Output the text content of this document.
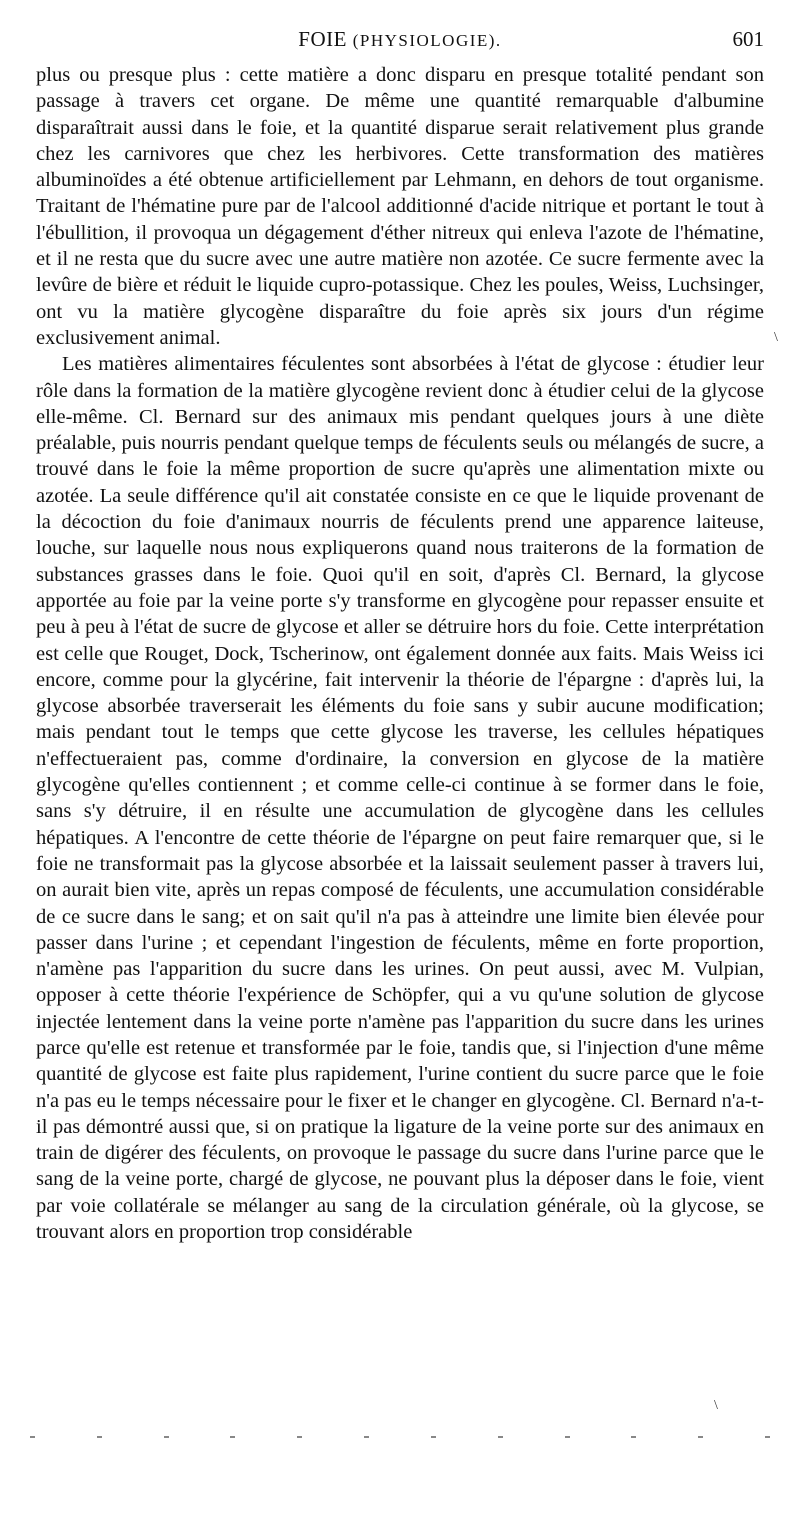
FOIE (PHYSIOLOGIE).	601

plus ou presque plus : cette matière a donc disparu en presque totalité pendant son passage à travers cet organe. De même une quantité remarquable d'albumine disparaîtrait aussi dans le foie, et la quantité disparue serait relativement plus grande chez les carnivores que chez les herbivores. Cette transformation des matières albuminoïdes a été obtenue artificiellement par Lehmann, en dehors de tout organisme. Traitant de l'hématine pure par de l'alcool additionné d'acide nitrique et portant le tout à l'ébullition, il provoqua un dégagement d'éther nitreux qui enleva l'azote de l'hématine, et il ne resta que du sucre avec une autre matière non azotée. Ce sucre fermente avec la levûre de bière et réduit le liquide cupro-potassique. Chez les poules, Weiss, Luchsinger, ont vu la matière glycogène disparaître du foie après six jours d'un régime exclusivement animal.

Les matières alimentaires féculentes sont absorbées à l'état de glycose : étudier leur rôle dans la formation de la matière glycogène revient donc à étudier celui de la glycose elle-même. Cl. Bernard sur des animaux mis pendant quelques jours à une diète préalable, puis nourris pendant quelque temps de féculents seuls ou mélangés de sucre, a trouvé dans le foie la même proportion de sucre qu'après une alimentation mixte ou azotée. La seule différence qu'il ait constatée consiste en ce que le liquide provenant de la décoction du foie d'animaux nourris de féculents prend une apparence laiteuse, louche, sur laquelle nous nous expliquerons quand nous traiterons de la formation de substances grasses dans le foie. Quoi qu'il en soit, d'après Cl. Bernard, la glycose apportée au foie par la veine porte s'y transforme en glycogène pour repasser ensuite et peu à peu à l'état de sucre de glycose et aller se détruire hors du foie. Cette interprétation est celle que Rouget, Dock, Tscherinow, ont également donnée aux faits. Mais Weiss ici encore, comme pour la glycérine, fait intervenir la théorie de l'épargne : d'après lui, la glycose absorbée traverserait les éléments du foie sans y subir aucune modification; mais pendant tout le temps que cette glycose les traverse, les cellules hépatiques n'effectueraient pas, comme d'ordinaire, la conversion en glycose de la matière glycogène qu'elles contiennent ; et comme celle-ci continue à se former dans le foie, sans s'y détruire, il en résulte une accumulation de glycogène dans les cellules hépatiques. A l'encontre de cette théorie de l'épargne on peut faire remarquer que, si le foie ne transformait pas la glycose absorbée et la laissait seulement passer à travers lui, on aurait bien vite, après un repas composé de féculents, une accumulation considérable de ce sucre dans le sang; et on sait qu'il n'a pas à atteindre une limite bien élevée pour passer dans l'urine ; et cependant l'ingestion de féculents, même en forte proportion, n'amène pas l'apparition du sucre dans les urines. On peut aussi, avec M. Vulpian, opposer à cette théorie l'expérience de Schöpfer, qui a vu qu'une solution de glycose injectée lentement dans la veine porte n'amène pas l'apparition du sucre dans les urines parce qu'elle est retenue et transformée par le foie, tandis que, si l'injection d'une même quantité de glycose est faite plus rapidement, l'urine contient du sucre parce que le foie n'a pas eu le temps nécessaire pour le fixer et le changer en glycogène. Cl. Bernard n'a-t-il pas démontré aussi que, si on pratique la ligature de la veine porte sur des animaux en train de digérer des féculents, on provoque le passage du sucre dans l'urine parce que le sang de la veine porte, chargé de glycose, ne pouvant plus la déposer dans le foie, vient par voie collatérale se mélanger au sang de la circulation générale, où la glycose, se trouvant alors en proportion trop considérable

\
\
